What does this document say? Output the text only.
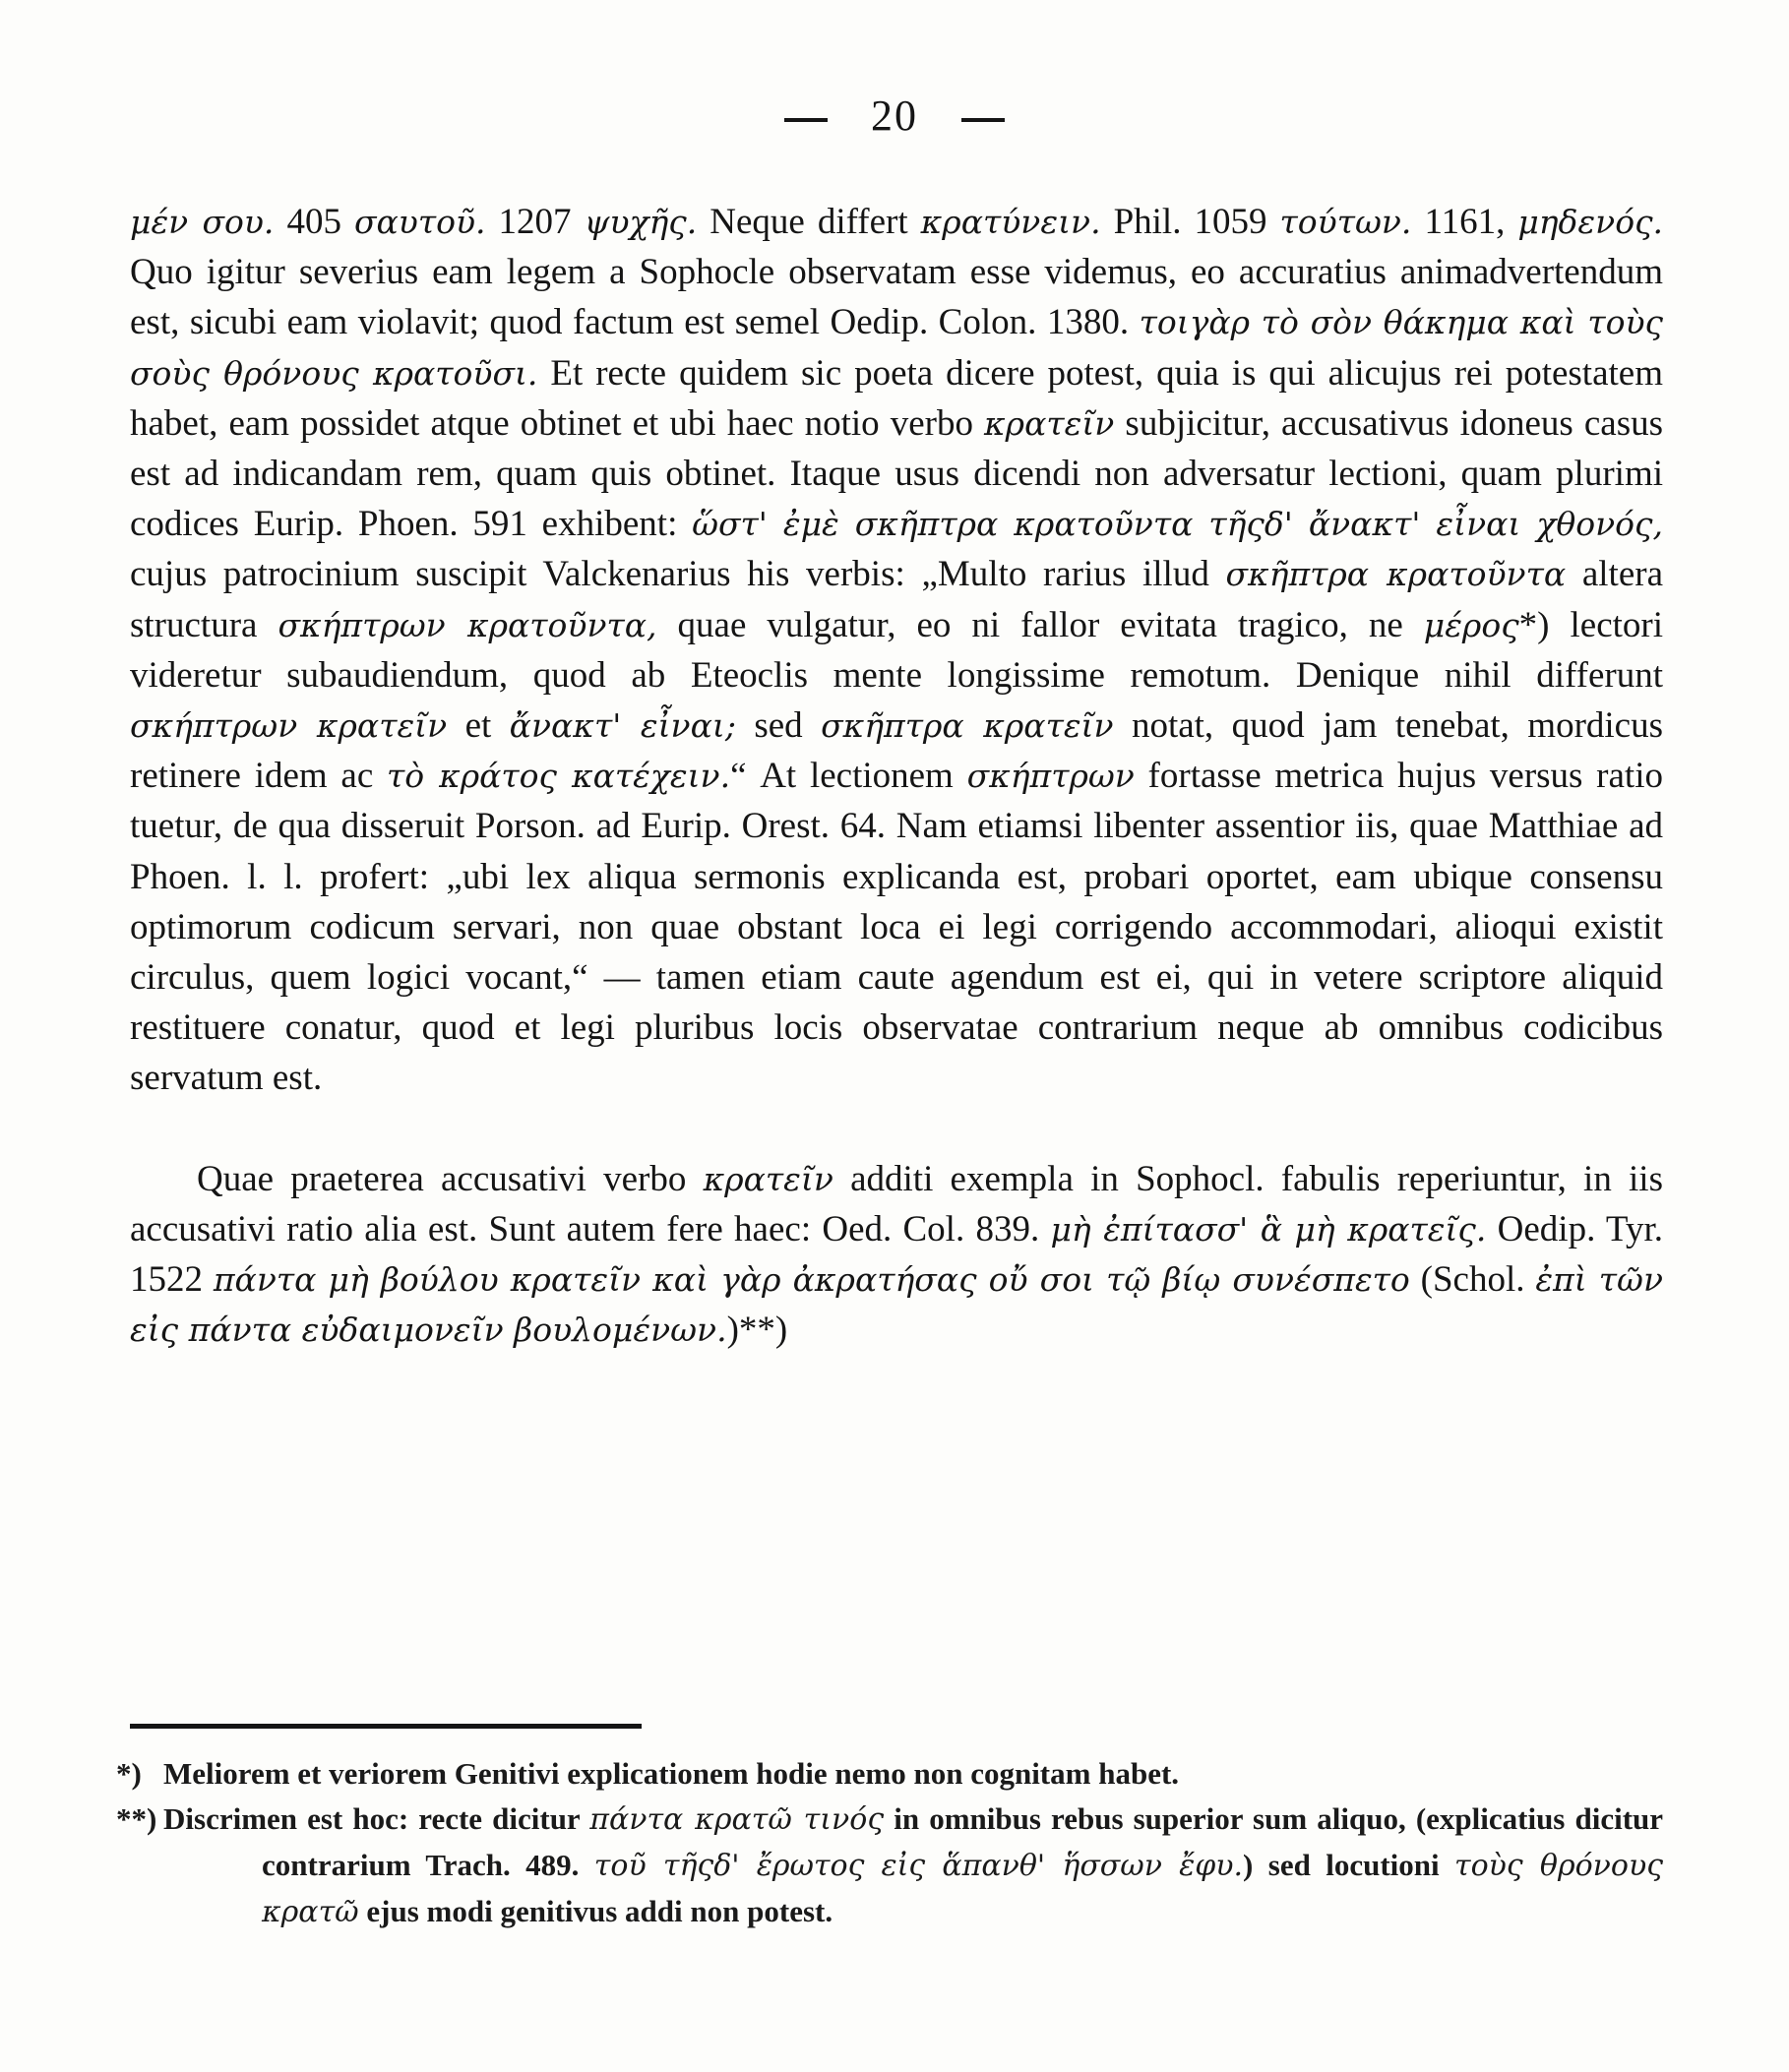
20

μέν σου. 405 σαυτοῦ. 1207 ψυχῆς. Neque differt κρατύνειν. Phil. 1059 τούτων. 1161, μηδενός. Quo igitur severius eam legem a Sophocle observatam esse videmus, eo accuratius animadvertendum est, sicubi eam violavit; quod factum est semel Oedip. Colon. 1380. τοιγὰρ τὸ σὸν θάκημα καὶ τοὺς σοὺς θρόνους κρατοῦσι. Et recte quidem sic poeta dicere potest, quia is qui alicujus rei potestatem habet, eam possidet atque obtinet et ubi haec notio verbo κρατεῖν subjicitur, accusativus idoneus casus est ad indicandam rem, quam quis obtinet. Itaque usus dicendi non adversatur lectioni, quam plurimi codices Eurip. Phoen. 591 exhibent: ὥστ' ἐμὲ σκῆπτρα κρατοῦντα τῆςδ' ἄνακτ' εἶναι χθονός, cujus patrocinium suscipit Valckenarius his verbis: „Multo rarius illud σκῆπτρα κρατοῦντα altera structura σκήπτρων κρατοῦντα, quae vulgatur, eo ni fallor evitata tragico, ne μέρος*) lectori videretur subaudiendum, quod ab Eteoclis mente longissime remotum. Denique nihil differunt σκήπτρων κρατεῖν et ἄνακτ' εἶναι; sed σκῆπτρα κρατεῖν notat, quod jam tenebat, mordicus retinere idem ac τὸ κράτος κατέχειν.“ At lectionem σκήπτρων fortasse metrica hujus versus ratio tuetur, de qua disseruit Porson. ad Eurip. Orest. 64. Nam etiamsi libenter assentior iis, quae Matthiae ad Phoen. l. l. profert: „ubi lex aliqua sermonis explicanda est, probari oportet, eam ubique consensu optimorum codicum servari, non quae obstant loca ei legi corrigendo accommodari, alioqui existit circulus, quem logici vocant,“ — tamen etiam caute agendum est ei, qui in vetere scriptore aliquid restituere conatur, quod et legi pluribus locis observatae contrarium neque ab omnibus codicibus servatum est.

Quae praeterea accusativi verbo κρατεῖν additi exempla in Sophocl. fabulis reperiuntur, in iis accusativi ratio alia est. Sunt autem fere haec: Oed. Col. 839. μὴ ἐπίτασσ' ἃ μὴ κρατεῖς. Oedip. Tyr. 1522 πάντα μὴ βούλου κρατεῖν καὶ γὰρ ἀκρατήσας οὔ σοι τῷ βίῳ συνέσπετο (Schol. ἐπὶ τῶν εἰς πάντα εὐδαιμονεῖν βουλομένων.)**)

*) Meliorem et veriorem Genitivi explicationem hodie nemo non cognitam habet.

**) Discrimen est hoc: recte dicitur πάντα κρατῶ τινός in omnibus rebus superior sum aliquo, (explicatius dicitur contrarium Trach. 489. τοῦ τῆςδ' ἔρωτος εἰς ἅπανθ' ἥσσων ἔφυ.) sed locutioni τοὺς θρόνους κρατῶ ejus modi genitivus addi non potest.
